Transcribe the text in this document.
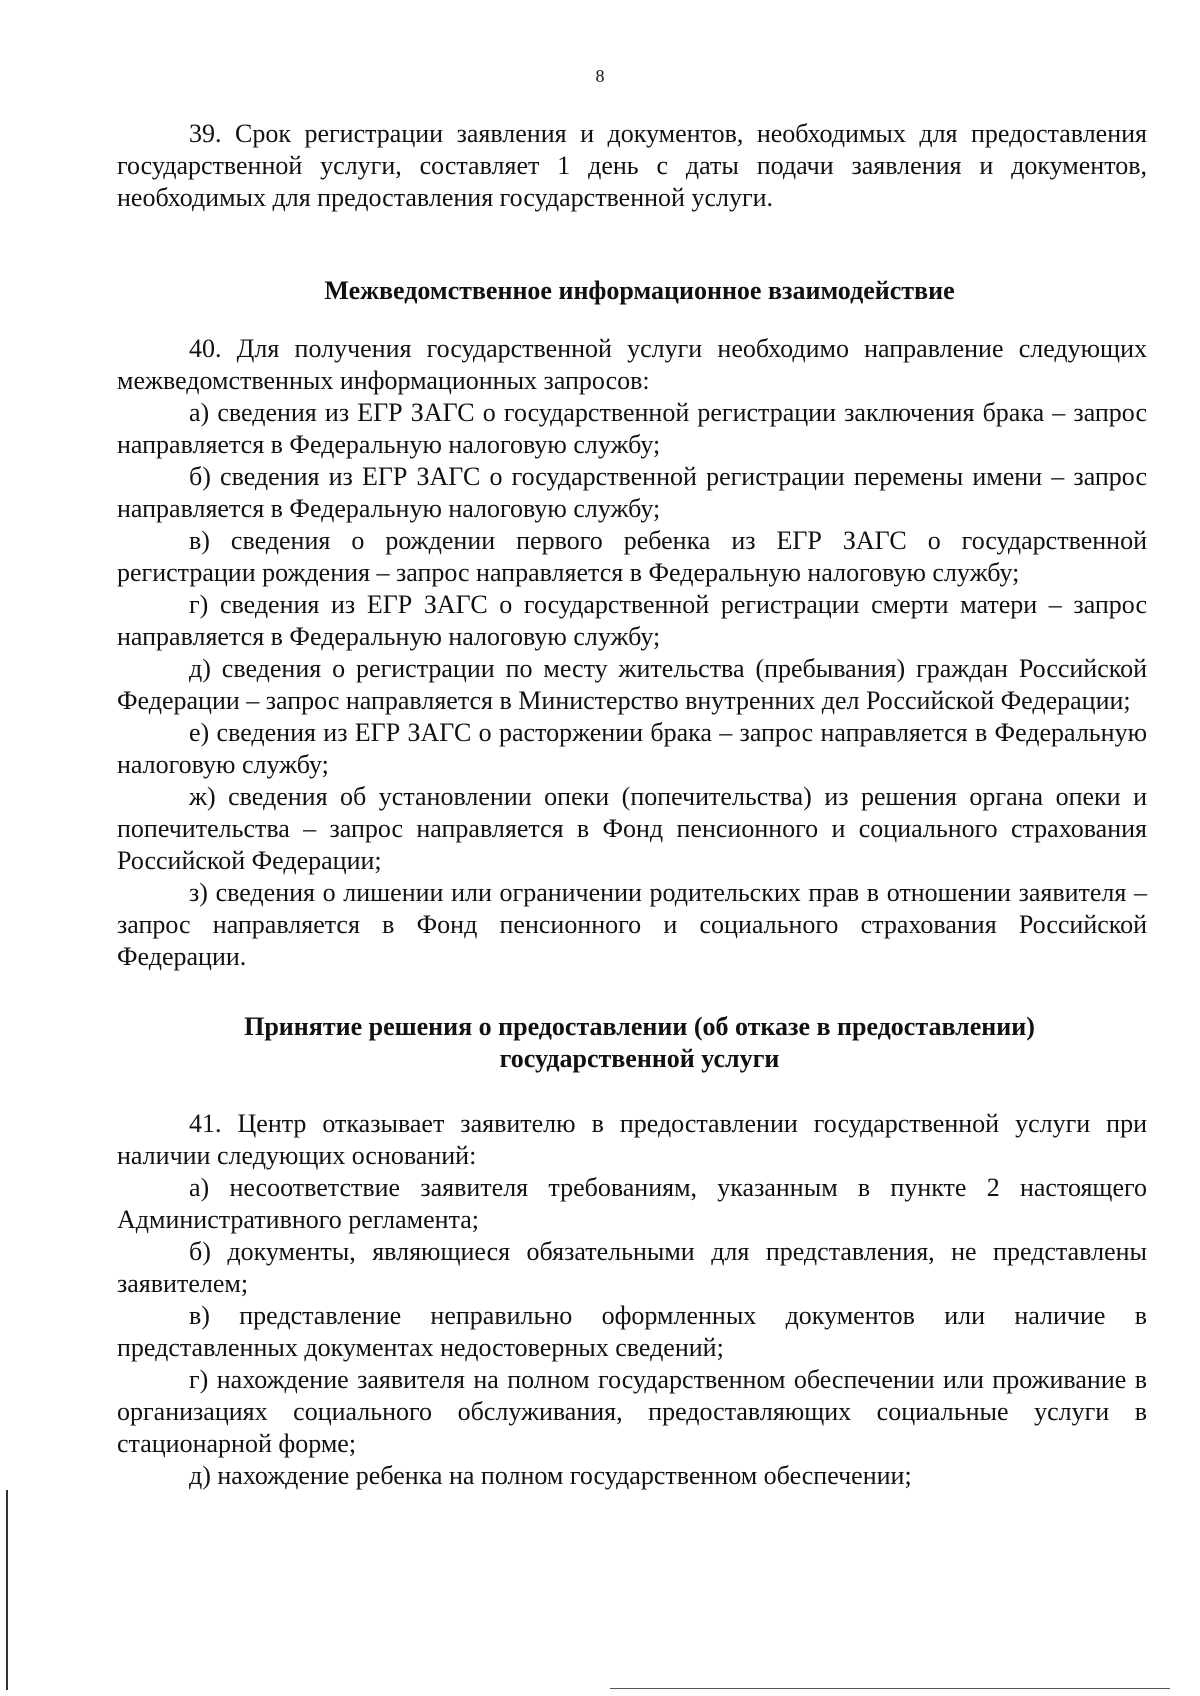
8

39. Срок регистрации заявления и документов, необходимых для предоставления государственной услуги, составляет 1 день с даты подачи заявления и документов, необходимых для предоставления государственной услуги.

Межведомственное информационное взаимодействие

40. Для получения государственной услуги необходимо направление следующих межведомственных информационных запросов:

а) сведения из ЕГР ЗАГС о государственной регистрации заключения брака – запрос направляется в Федеральную налоговую службу;

б) сведения из ЕГР ЗАГС о государственной регистрации перемены имени – запрос направляется в Федеральную налоговую службу;

в) сведения о рождении первого ребенка из ЕГР ЗАГС о государственной регистрации рождения – запрос направляется в Федеральную налоговую службу;

г) сведения из ЕГР ЗАГС о государственной регистрации смерти матери – запрос направляется в Федеральную налоговую службу;

д) сведения о регистрации по месту жительства (пребывания) граждан Российской Федерации – запрос направляется в Министерство внутренних дел Российской Федерации;

е) сведения из ЕГР ЗАГС о расторжении брака – запрос направляется в Федеральную налоговую службу;

ж) сведения об установлении опеки (попечительства) из решения органа опеки и попечительства – запрос направляется в Фонд пенсионного и социального страхования Российской Федерации;

з) сведения о лишении или ограничении родительских прав в отношении заявителя – запрос направляется в Фонд пенсионного и социального страхования Российской Федерации.

Принятие решения о предоставлении (об отказе в предоставлении)
государственной услуги

41. Центр отказывает заявителю в предоставлении государственной услуги при наличии следующих оснований:

а) несоответствие заявителя требованиям, указанным в пункте 2 настоящего Административного регламента;

б) документы, являющиеся обязательными для представления, не представлены заявителем;

в) представление неправильно оформленных документов или наличие в представленных документах недостоверных сведений;

г) нахождение заявителя на полном государственном обеспечении или проживание в организациях социального обслуживания, предоставляющих социальные услуги в стационарной форме;

д) нахождение ребенка на полном государственном обеспечении;
